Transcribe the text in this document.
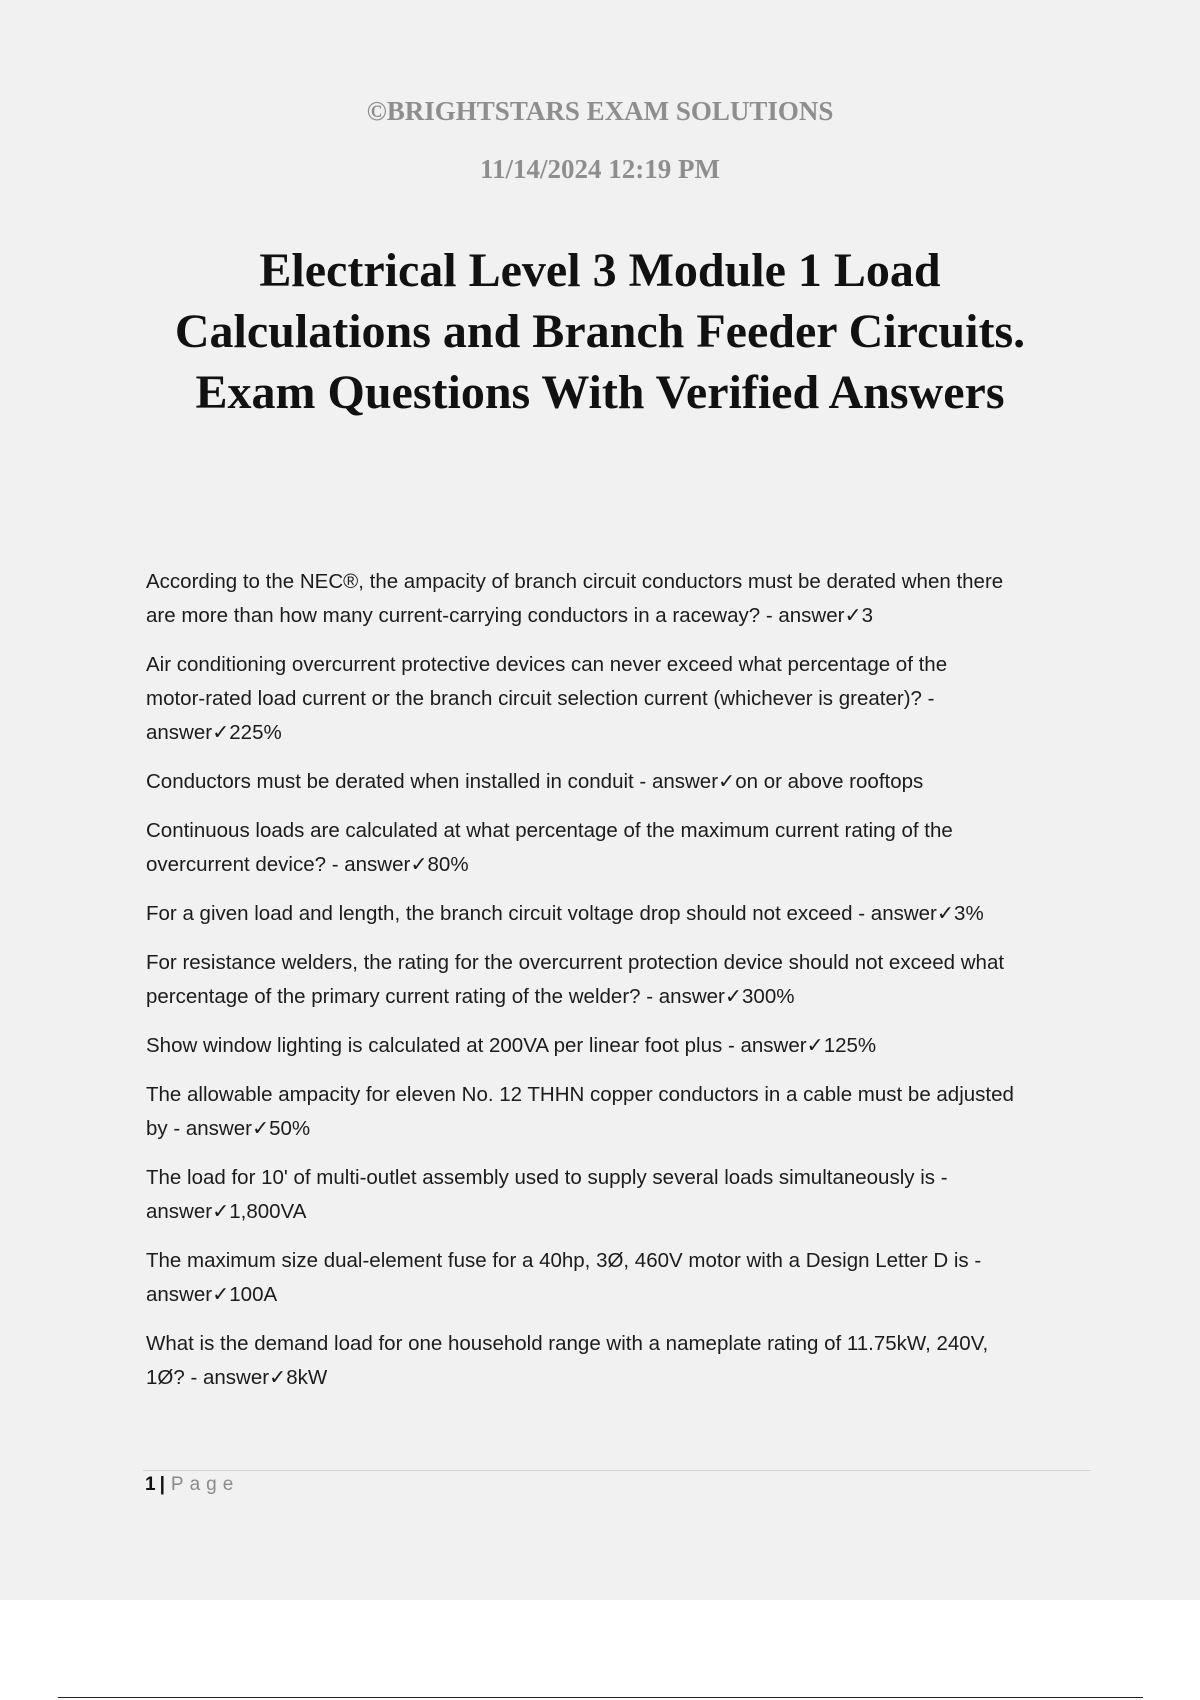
©BRIGHTSTARS EXAM SOLUTIONS
11/14/2024 12:19 PM
Electrical Level 3 Module 1 Load
Calculations and Branch Feeder Circuits.
Exam Questions With Verified Answers
According to the NEC®, the ampacity of branch circuit conductors must be derated when there
are more than how many current-carrying conductors in a raceway? - answer✓3
Air conditioning overcurrent protective devices can never exceed what percentage of the
motor-rated load current or the branch circuit selection current (whichever is greater)? -
answer✓225%
Conductors must be derated when installed in conduit - answer✓on or above rooftops
Continuous loads are calculated at what percentage of the maximum current rating of the
overcurrent device? - answer✓80%
For a given load and length, the branch circuit voltage drop should not exceed - answer✓3%
For resistance welders, the rating for the overcurrent protection device should not exceed what
percentage of the primary current rating of the welder? - answer✓300%
Show window lighting is calculated at 200VA per linear foot plus - answer✓125%
The allowable ampacity for eleven No. 12 THHN copper conductors in a cable must be adjusted
by - answer✓50%
The load for 10' of multi-outlet assembly used to supply several loads simultaneously is -
answer✓1,800VA
The maximum size dual-element fuse for a 40hp, 3Ø, 460V motor with a Design Letter D is -
answer✓100A
What is the demand load for one household range with a nameplate rating of 11.75kW, 240V,
1Ø? - answer✓8kW
1 | Page
